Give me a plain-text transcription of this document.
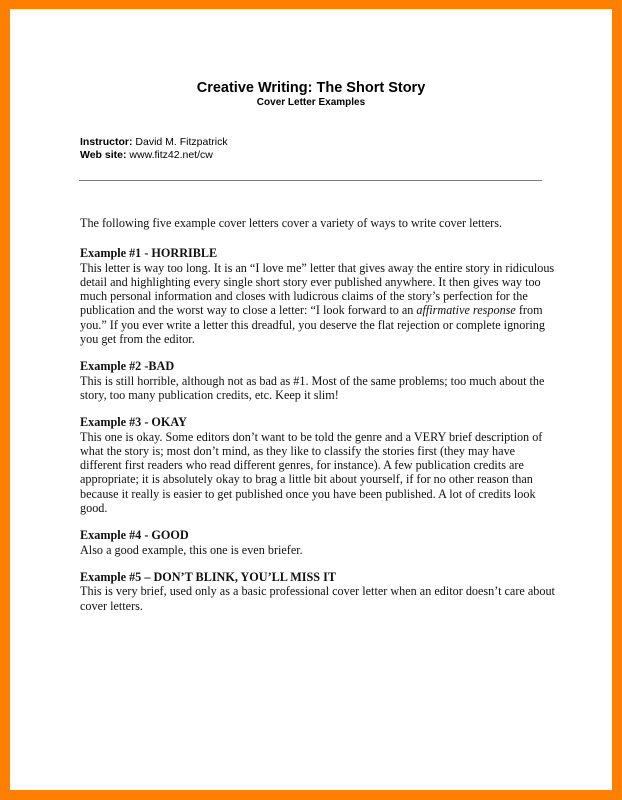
Creative Writing: The Short Story
Cover Letter Examples
Instructor: David M. Fitzpatrick
Web site: www.fitz42.net/cw

The following five example cover letters cover a variety of ways to write cover letters.

Example #1 - HORRIBLE

This letter is way too long. It is an “I love me” letter that gives away the entire story in ridiculous detail and highlighting every single short story ever published anywhere. It then gives way too much personal information and closes with ludicrous claims of the story’s perfection for the publication and the worst way to close a letter: “I look forward to an affirmative response from you.” If you ever write a letter this dreadful, you deserve the flat rejection or complete ignoring you get from the editor.

Example #2 -BAD

This is still horrible, although not as bad as #1. Most of the same problems; too much about the story, too many publication credits, etc. Keep it slim!

Example #3 - OKAY

This one is okay. Some editors don’t want to be told the genre and a VERY brief description of what the story is; most don’t mind, as they like to classify the stories first (they may have different first readers who read different genres, for instance). A few publication credits are appropriate; it is absolutely okay to brag a little bit about yourself, if for no other reason than because it really is easier to get published once you have been published. A lot of credits look good.

Example #4 - GOOD

Also a good example, this one is even briefer.

Example #5 – DON’T BLINK, YOU’LL MISS IT

This is very brief, used only as a basic professional cover letter when an editor doesn’t care about cover letters.
